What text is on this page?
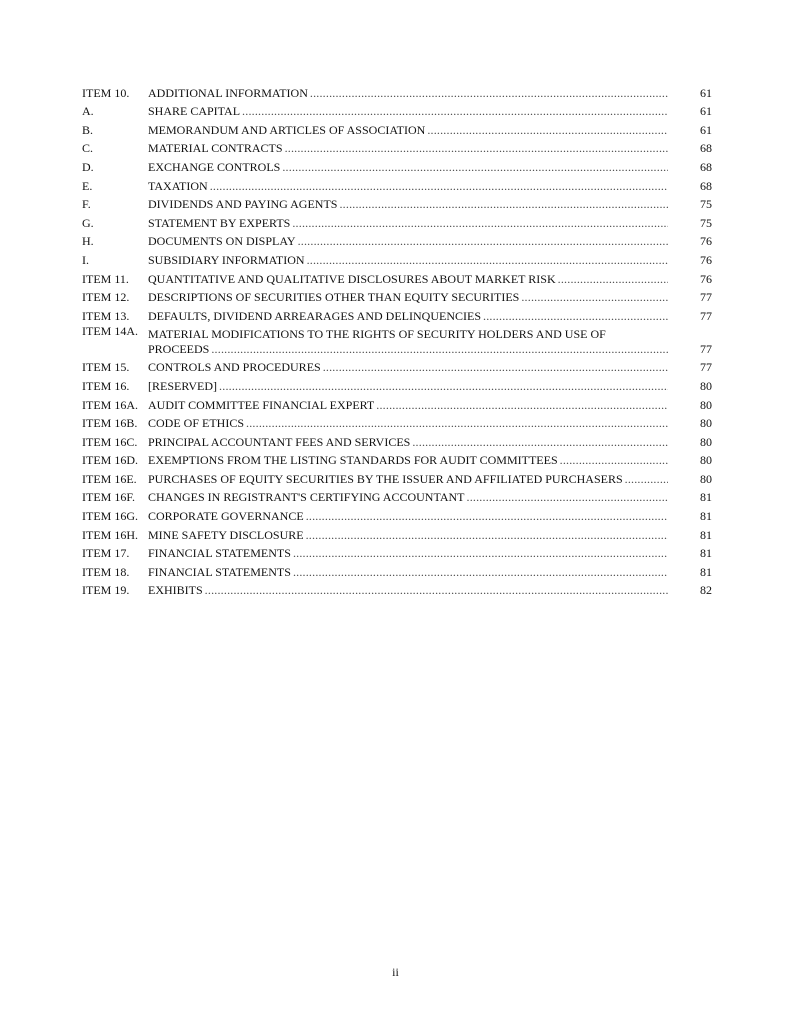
ITEM 10.	ADDITIONAL INFORMATION .....	61
A.	SHARE CAPITAL .....	61
B.	MEMORANDUM AND ARTICLES OF ASSOCIATION .....	61
C.	MATERIAL CONTRACTS .....	68
D.	EXCHANGE CONTROLS .....	68
E.	TAXATION .....	68
F.	DIVIDENDS AND PAYING AGENTS .....	75
G.	STATEMENT BY EXPERTS .....	75
H.	DOCUMENTS ON DISPLAY .....	76
I.	SUBSIDIARY INFORMATION .....	76
ITEM 11.	QUANTITATIVE AND QUALITATIVE DISCLOSURES ABOUT MARKET RISK .....	76
ITEM 12.	DESCRIPTIONS OF SECURITIES OTHER THAN EQUITY SECURITIES .....	77
ITEM 13.	DEFAULTS, DIVIDEND ARREARAGES AND DELINQUENCIES .....	77
ITEM 14A. MATERIAL MODIFICATIONS TO THE RIGHTS OF SECURITY HOLDERS AND USE OF
PROCEEDS .....	77
ITEM 15.	CONTROLS AND PROCEDURES .....	77
ITEM 16.	[RESERVED] .....	80
ITEM 16A. AUDIT COMMITTEE FINANCIAL EXPERT .....	80
ITEM 16B. CODE OF ETHICS .....	80
ITEM 16C. PRINCIPAL ACCOUNTANT FEES AND SERVICES .....	80
ITEM 16D. EXEMPTIONS FROM THE LISTING STANDARDS FOR AUDIT COMMITTEES .....	80
ITEM 16E. PURCHASES OF EQUITY SECURITIES BY THE ISSUER AND AFFILIATED PURCHASERS .....	80
ITEM 16F.	CHANGES IN REGISTRANT'S CERTIFYING ACCOUNTANT .....	81
ITEM 16G. CORPORATE GOVERNANCE .....	81
ITEM 16H. MINE SAFETY DISCLOSURE .....	81
ITEM 17.	FINANCIAL STATEMENTS .....	81
ITEM 18.	FINANCIAL STATEMENTS .....	81
ITEM 19.	EXHIBITS .....	82
ii
